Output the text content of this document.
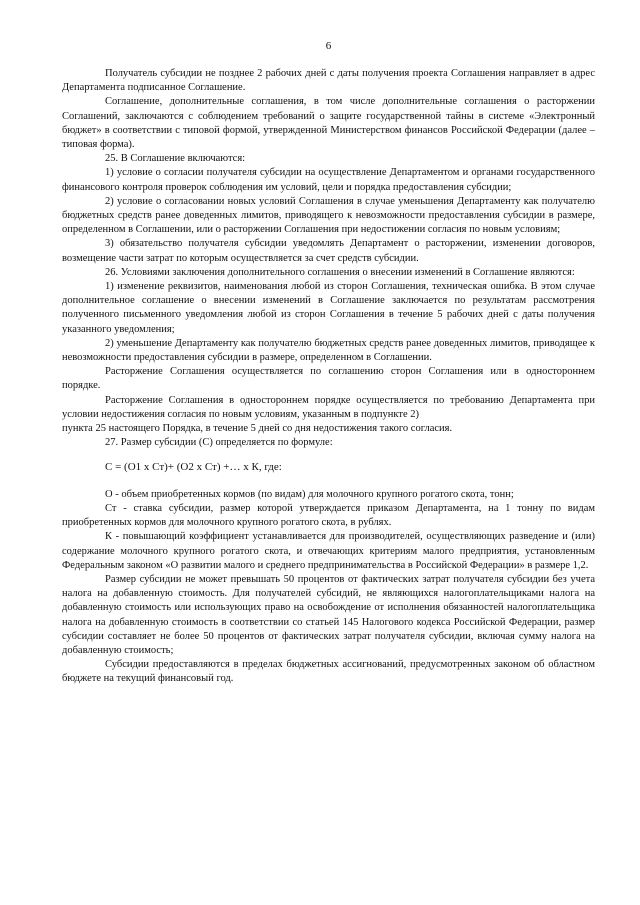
6

Получатель субсидии не позднее 2 рабочих дней с даты получения проекта Соглашения направляет в адрес Департамента подписанное Соглашение.

Соглашение, дополнительные соглашения, в том числе дополнительные соглашения о расторжении Соглашений, заключаются с соблюдением требований о защите государственной тайны в системе «Электронный бюджет» в соответствии с типовой формой, утвержденной Министерством финансов Российской Федерации (далее – типовая форма).

25. В Соглашение включаются:

1) условие о согласии получателя субсидии на осуществление Департаментом и органами государственного финансового контроля проверок соблюдения им условий, цели и порядка предоставления субсидии;

2) условие о согласовании новых условий Соглашения в случае уменьшения Департаменту как получателю бюджетных средств ранее доведенных лимитов, приводящего к невозможности предоставления субсидии в размере, определенном в Соглашении, или о расторжении Соглашения при недостижении согласия по новым условиям;

3) обязательство получателя субсидии уведомлять Департамент о расторжении, изменении договоров, возмещение части затрат по которым осуществляется за счет средств субсидии.

26. Условиями заключения дополнительного соглашения о внесении изменений в Соглашение являются:

1) изменение реквизитов, наименования любой из сторон Соглашения, техническая ошибка. В этом случае дополнительное соглашение о внесении изменений в Соглашение заключается по результатам рассмотрения полученного письменного уведомления любой из сторон Соглашения в течение 5 рабочих дней с даты получения указанного уведомления;

2) уменьшение Департаменту как получателю бюджетных средств ранее доведенных лимитов, приводящее к невозможности предоставления субсидии в размере, определенном в Соглашении.

Расторжение Соглашения осуществляется по соглашению сторон Соглашения или в одностороннем порядке.

Расторжение Соглашения в одностороннем порядке осуществляется по требованию Департамента при условии недостижения согласия по новым условиям, указанным в подпункте 2)

пункта 25 настоящего Порядка, в течение 5 дней со дня недостижения такого согласия.

27. Размер субсидии (С) определяется по формуле:

С = (О1 x Ст)+ (О2 x Ст) +… x К, где:

О - объем приобретенных кормов (по видам) для молочного крупного рогатого скота, тонн;

Ст - ставка субсидии, размер которой утверждается приказом Департамента, на 1 тонну по видам приобретенных кормов для молочного крупного рогатого скота, в рублях.

К - повышающий коэффициент устанавливается для производителей, осуществляющих разведение и (или) содержание молочного крупного рогатого скота, и отвечающих критериям малого предприятия, установленным Федеральным законом «О развитии малого и среднего предпринимательства в Российской Федерации» в размере 1,2.

Размер субсидии не может превышать 50 процентов от фактических затрат получателя субсидии без учета налога на добавленную стоимость. Для получателей субсидий, не являющихся налогоплательщиками налога на добавленную стоимость или использующих право на освобождение от исполнения обязанностей налогоплательщика налога на добавленную стоимость в соответствии со статьей 145 Налогового кодекса Российской Федерации, размер субсидии составляет не более 50 процентов от фактических затрат получателя субсидии, включая сумму налога на добавленную стоимость;

Субсидии предоставляются в пределах бюджетных ассигнований, предусмотренных законом об областном бюджете на текущий финансовый год.
